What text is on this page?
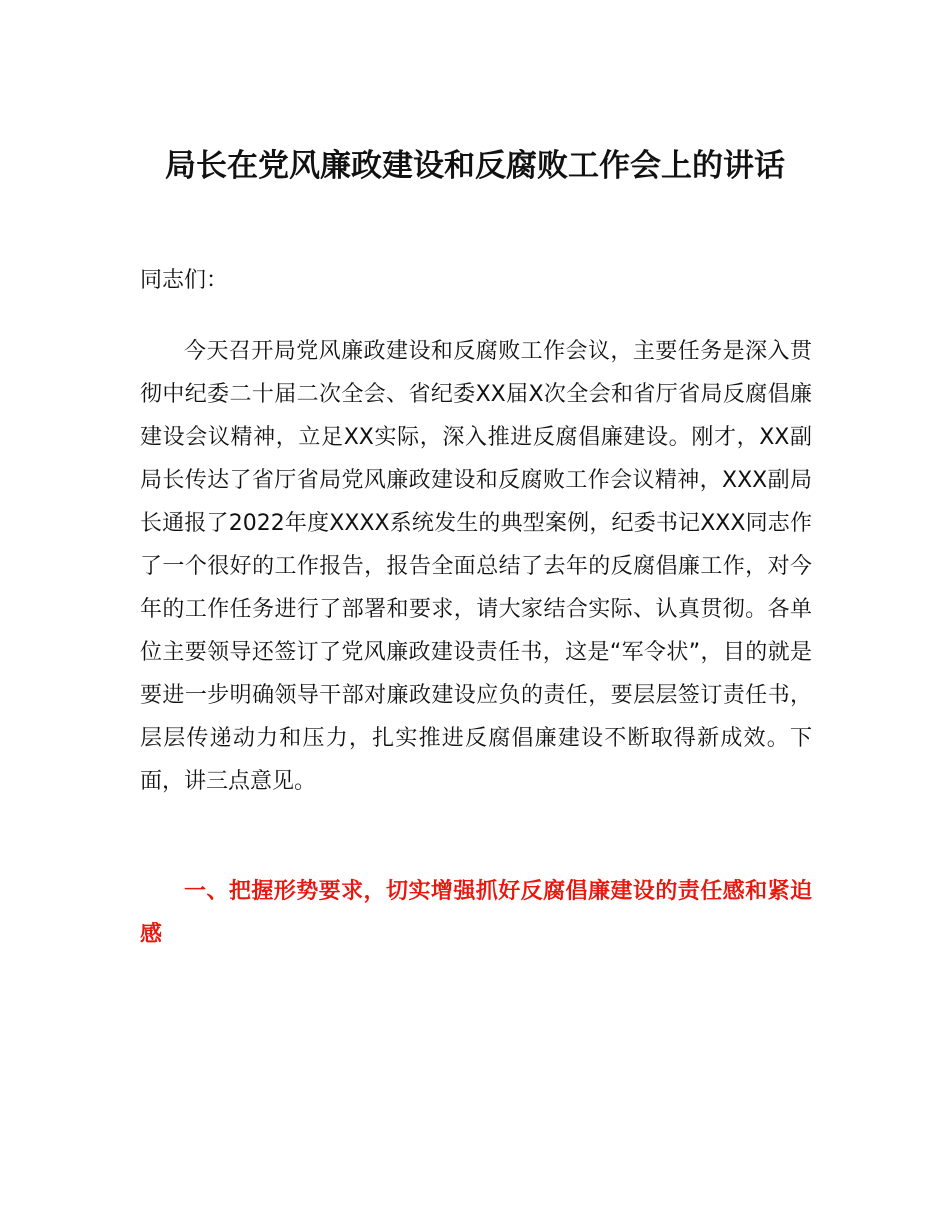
局长在党风廉政建设和反腐败工作会上的讲话

同志们：

今天召开局党风廉政建设和反腐败工作会议，主要任务是深入贯彻中纪委二十届二次全会、省纪委XX届X次全会和省厅省局反腐倡廉建设会议精神，立足XX实际，深入推进反腐倡廉建设。刚才，XX副局长传达了省厅省局党风廉政建设和反腐败工作会议精神，XXX副局长通报了2022年度XXXX系统发生的典型案例，纪委书记XXX同志作了一个很好的工作报告，报告全面总结了去年的反腐倡廉工作，对今年的工作任务进行了部署和要求，请大家结合实际、认真贯彻。各单位主要领导还签订了党风廉政建设责任书，这是“军令状”，目的就是要进一步明确领导干部对廉政建设应负的责任，要层层签订责任书，层层传递动力和压力，扎实推进反腐倡廉建设不断取得新成效。下面，讲三点意见。

一、把握形势要求，切实增强抓好反腐倡廉建设的责任感和紧迫感
